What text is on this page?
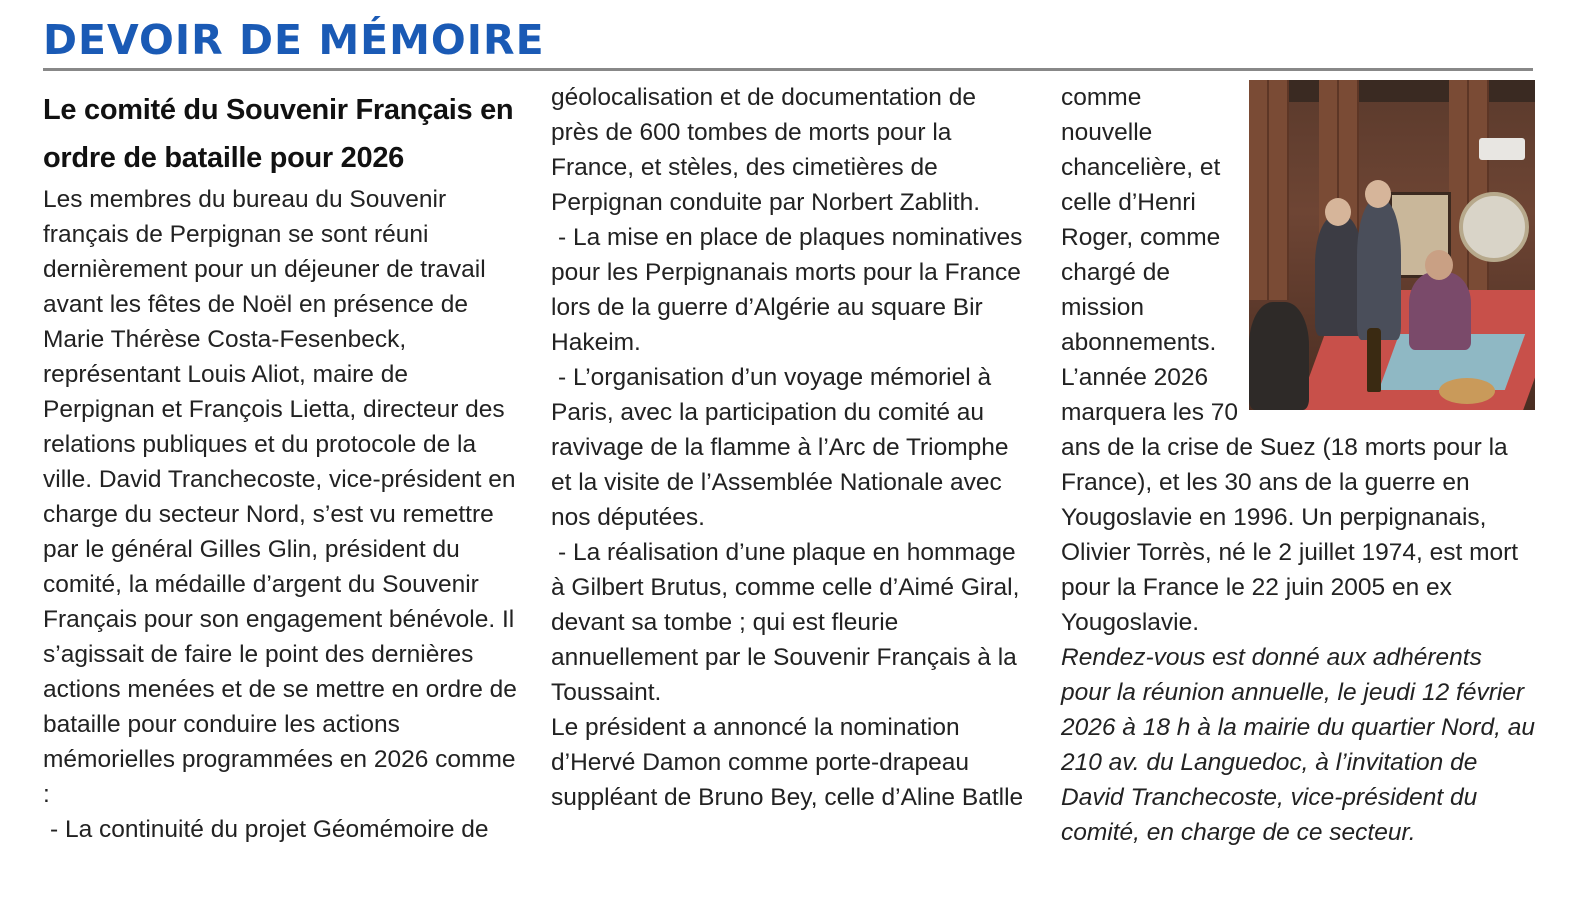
DEVOIR DE MÉMOIRE
Le comité du Souvenir Français en ordre de bataille pour 2026

Les membres du bureau du Souvenir français de Perpignan se sont réuni dernièrement pour un déjeuner de travail avant les fêtes de Noël en présence de Marie Thérèse Costa-Fesenbeck, représentant Louis Aliot, maire de Perpignan et François Lietta, directeur des relations publiques et du protocole de la ville. David Tranchecoste, vice-président en charge du secteur Nord, s’est vu remettre par le général Gilles Glin, président du comité, la médaille d’argent du Souvenir Français pour son engagement bénévole. Il s’agissait de faire le point des dernières actions menées et de se mettre en ordre de bataille pour conduire les actions mémorielles programmées en 2026 comme :

- La continuité du projet Géomémoire de

géolocalisation et de documentation de près de 600 tombes de morts pour la France, et stèles, des cimetières de Perpignan conduite par Norbert Zablith.

- La mise en place de plaques nominatives pour les Perpignanais morts pour la France lors de la guerre d’Algérie au square Bir Hakeim.

- L’organisation d’un voyage mémoriel à Paris, avec la participation du comité au ravivage de la flamme à l’Arc de Triomphe et la visite de l’Assemblée Nationale avec nos députées.

- La réalisation d’une plaque en hommage à Gilbert Brutus, comme celle d’Aimé Giral, devant sa tombe ; qui est fleurie annuellement par le Souvenir Français à la Toussaint.

Le président a annoncé la nomination d’Hervé Damon comme porte-drapeau suppléant de Bruno Bey, celle d’Aline Batlle

comme nouvelle chancelière, et celle d’Henri Roger, comme chargé de mission abonnements.

L’année 2026 marquera les 70 ans de la crise de Suez (18 morts pour la France), et les 30 ans de la guerre en Yougoslavie en 1996. Un perpignanais, Olivier Torrès, né le 2 juillet 1974, est mort pour la France le 22 juin 2005 en ex Yougoslavie.

Rendez-vous est donné aux adhérents pour la réunion annuelle, le jeudi 12 février 2026 à 18 h à la mairie du quartier Nord, au 210 av. du Languedoc, à l’invitation de David Tranchecoste, vice-président du comité, en charge de ce secteur.
